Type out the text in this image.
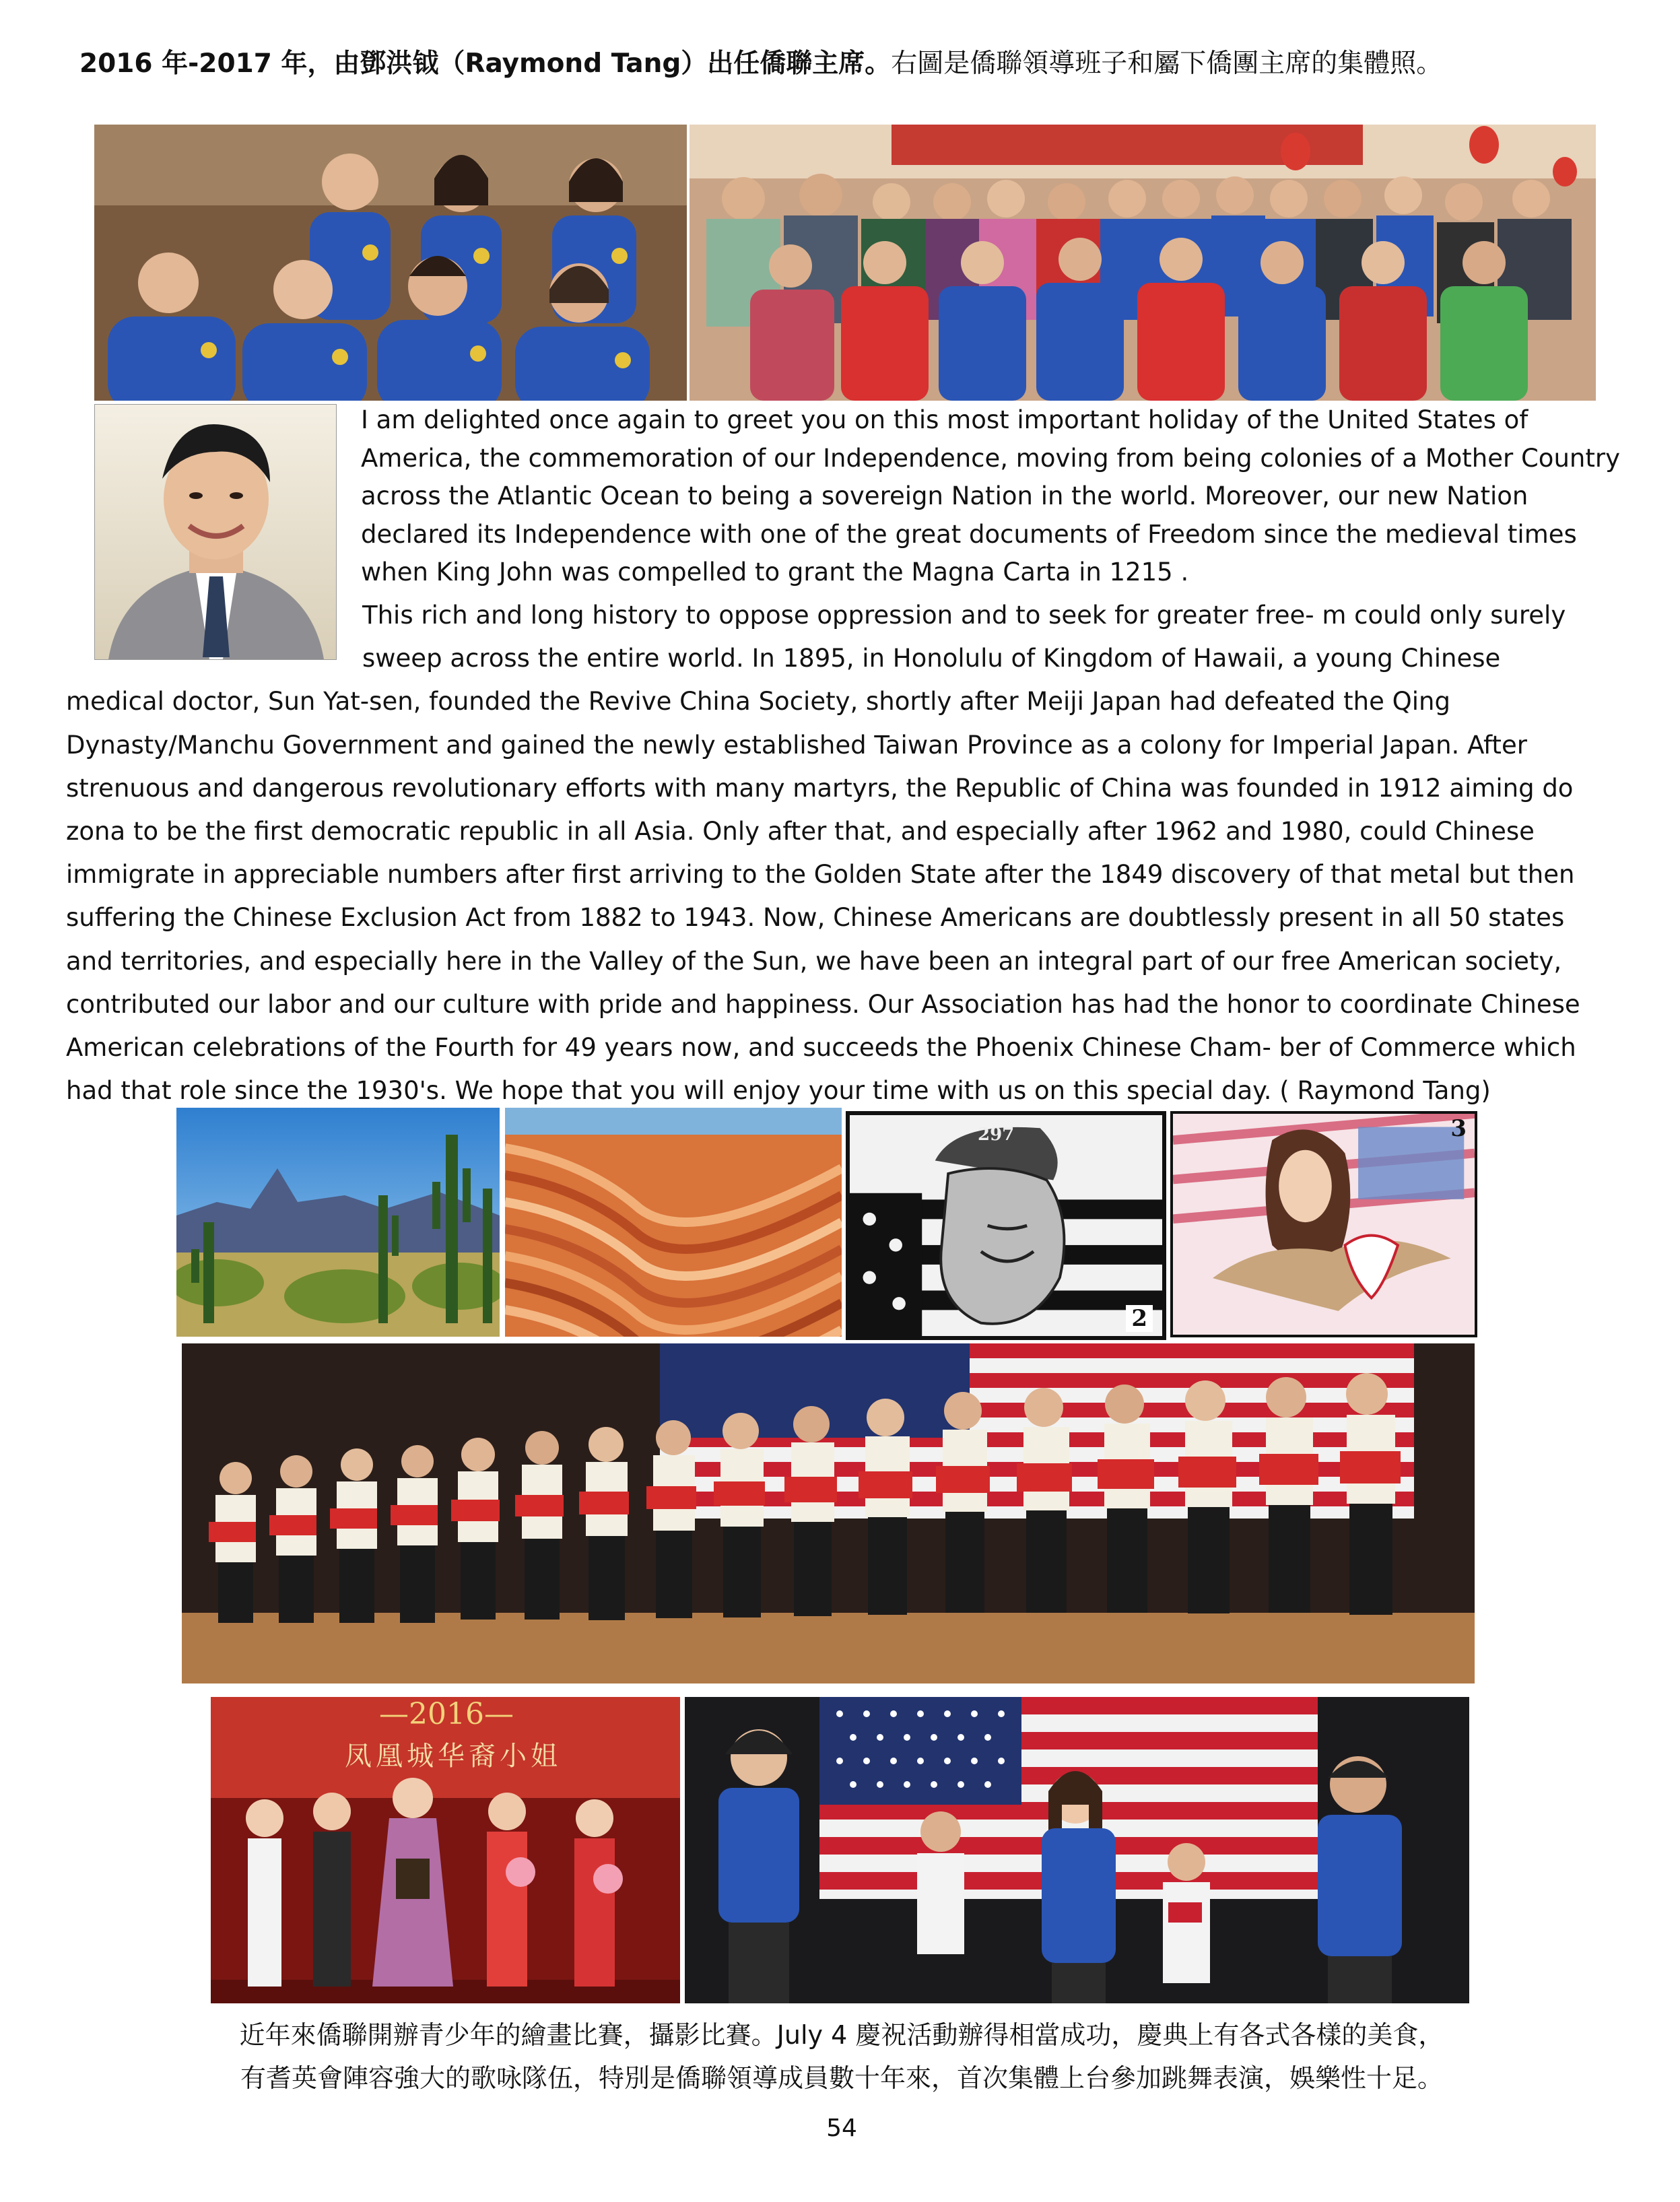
2016 年-2017 年，由鄧洪钺（Raymond Tang）出任僑聯主席。右圖是僑聯領導班子和屬下僑團主席的集體照。
I am delighted once again to greet you on this most important holiday of the United States of America, the commemoration of our Independence, moving from being colonies of a Mother Country across the Atlantic Ocean to being a sovereign Nation in the world. Moreover, our new Nation declared its Independence with one of the great documents of Freedom since the medieval times when King John was compelled to grant the Magna Carta in 1215 .
This rich and long history to oppose oppression and to seek for greater free- m could only surely sweep across the entire world. In 1895, in Honolulu of Kingdom of Hawaii, a young Chinese medical doctor, Sun Yat-sen, founded the Revive China Society, shortly after Meiji Japan had defeated the Qing Dynasty/Manchu Government and gained the newly established Taiwan Province as a colony for Imperial Japan. After strenuous and dangerous revolutionary efforts with many martyrs, the Republic of China was founded in 1912 aiming do zona to be the first democratic republic in all Asia. Only after that, and especially after 1962 and 1980, could Chinese immigrate in appreciable numbers after first arriving to the Golden State after the 1849 discovery of that metal but then suffering the Chinese Exclusion Act from 1882 to 1943. Now, Chinese Americans are doubtlessly present in all 50 states and territories, and especially here in the Valley of the Sun, we have been an integral part of our free American society, contributed our labor and our culture with pride and happiness. Our Association has had the honor to coordinate Chinese American celebrations of the Fourth for 49 years now, and succeeds the Phoenix Chinese Cham- ber of Commerce which had that role since the 1930's. We hope that you will enjoy your time with us on this special day. ( Raymond Tang)
297
2
3
—2016—
凤凰城华裔小姐
近年來僑聯開辦青少年的繪畫比賽，攝影比賽。July 4 慶祝活動辦得相當成功，慶典上有各式各樣的美食，
有耆英會陣容強大的歌咏隊伍，特別是僑聯領導成員數十年來，首次集體上台參加跳舞表演，娛樂性十足。
54
